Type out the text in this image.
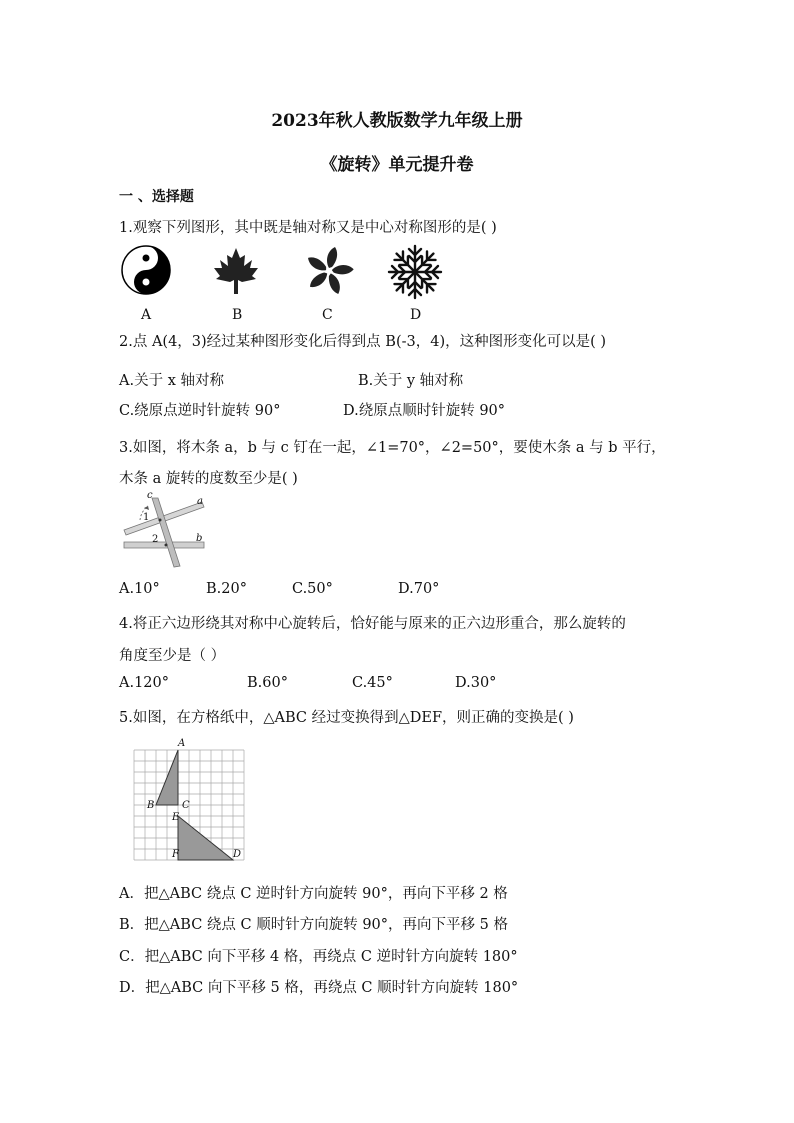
2023年秋人教版数学九年级上册
《旋转》单元提升卷
一 、选择题
1.观察下列图形，其中既是轴对称又是中心对称图形的是( )
A	B	C	D
2.点 A(4，3)经过某种图形变化后得到点 B(-3，4)，这种图形变化可以是( )
A.关于 x 轴对称	B.关于 y 轴对称
C.绕原点逆时针旋转 90°	D.绕原点顺时针旋转 90°
3.如图，将木条 a，b 与 c 钉在一起，∠1=70°，∠2=50°，要使木条 a 与 b 平行，
木条 a 旋转的度数至少是( )
c
a
b
1
2
A.10°	B.20°	C.50°	D.70°
4.将正六边形绕其对称中心旋转后，恰好能与原来的正六边形重合，那么旋转的
角度至少是（ ）
A.120°	B.60°	C.45°	D.30°
5.如图，在方格纸中，△ABC 经过变换得到△DEF，则正确的变换是( )
A
B	C
E
F	D
A．把△ABC 绕点 C 逆时针方向旋转 90°，再向下平移 2 格
B．把△ABC 绕点 C 顺时针方向旋转 90°，再向下平移 5 格
C．把△ABC 向下平移 4 格，再绕点 C 逆时针方向旋转 180°
D．把△ABC 向下平移 5 格，再绕点 C 顺时针方向旋转 180°
